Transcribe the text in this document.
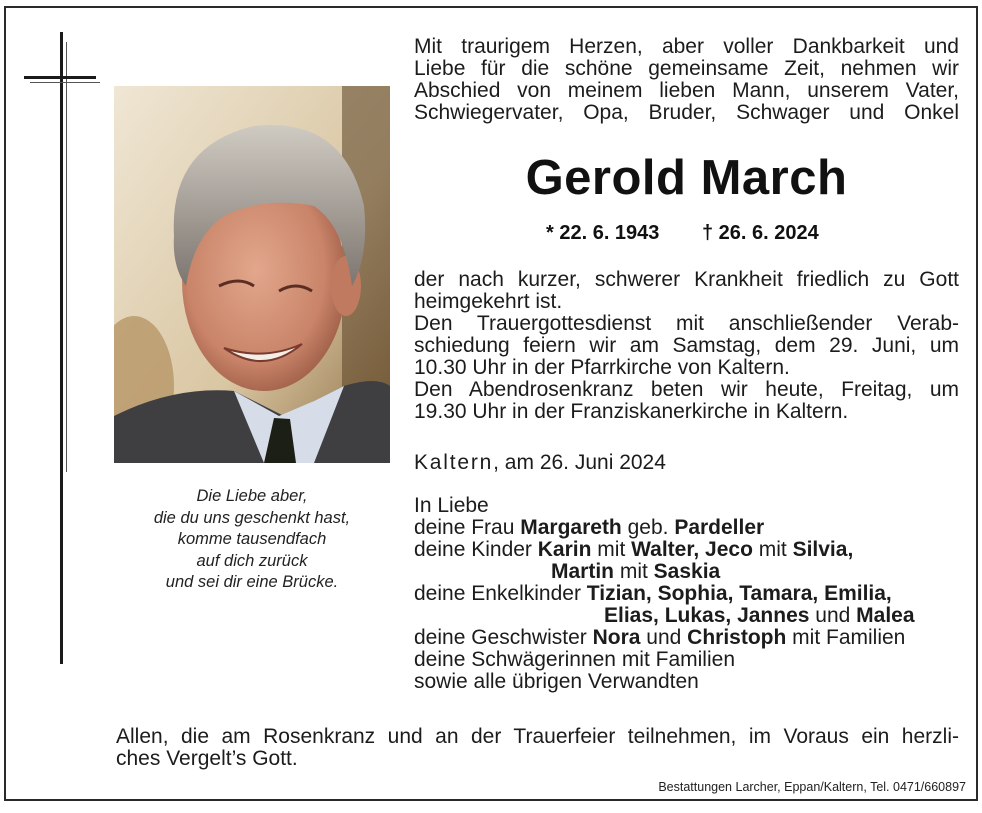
Die Liebe aber,
die du uns geschenkt hast,
komme tausendfach
auf dich zurück
und sei dir eine Brücke.
Mit traurigem Herzen, aber voller Dankbarkeit und
Liebe für die schöne gemeinsame Zeit, nehmen wir
Abschied von meinem lieben Mann, unserem Vater,
Schwiegervater, Opa, Bruder, Schwager und Onkel
Gerold March
* 22. 6. 1943 † 26. 6. 2024
der nach kurzer, schwerer Krankheit friedlich zu Gott
heimgekehrt ist.
Den Trauergottesdienst mit anschließender Verab-
schiedung feiern wir am Samstag, dem 29. Juni, um
10.30 Uhr in der Pfarrkirche von Kaltern.
Den Abendrosenkranz beten wir heute, Freitag, um
19.30 Uhr in der Franziskanerkirche in Kaltern.
Kaltern, am 26. Juni 2024
In Liebe
deine Frau Margareth geb. Pardeller
deine Kinder Karin mit Walter, Jeco mit Silvia,
Martin mit Saskia
deine Enkelkinder Tizian, Sophia, Tamara, Emilia,
Elias, Lukas, Jannes und Malea
deine Geschwister Nora und Christoph mit Familien
deine Schwägerinnen mit Familien
sowie alle übrigen Verwandten
Allen, die am Rosenkranz und an der Trauerfeier teilnehmen, im Voraus ein herzli-
ches Vergelt’s Gott.
Bestattungen Larcher, Eppan/Kaltern, Tel. 0471/660897
